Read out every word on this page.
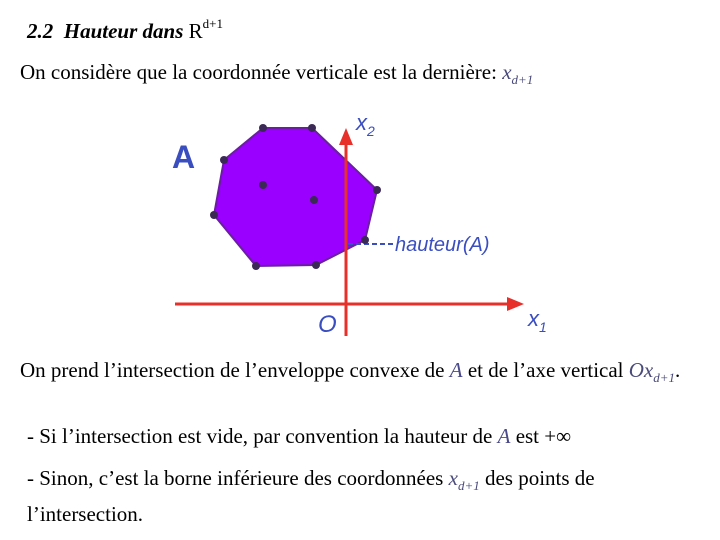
2.2 Hauteur dans $R^{d+1}$
On considère que la coordonnée verticale est la dernière: $x_{d+1}$
A
$x_2$
$x_1$
O
hauteur(A)
On prend l’intersection de l’enveloppe convexe de A et de l’axe vertical $Ox_{d+1}$.
- Si l’intersection est vide, par convention la hauteur de A est +∞
- Sinon, c’est la borne inférieure des coordonnées $x_{d+1}$ des points de l’intersection.
